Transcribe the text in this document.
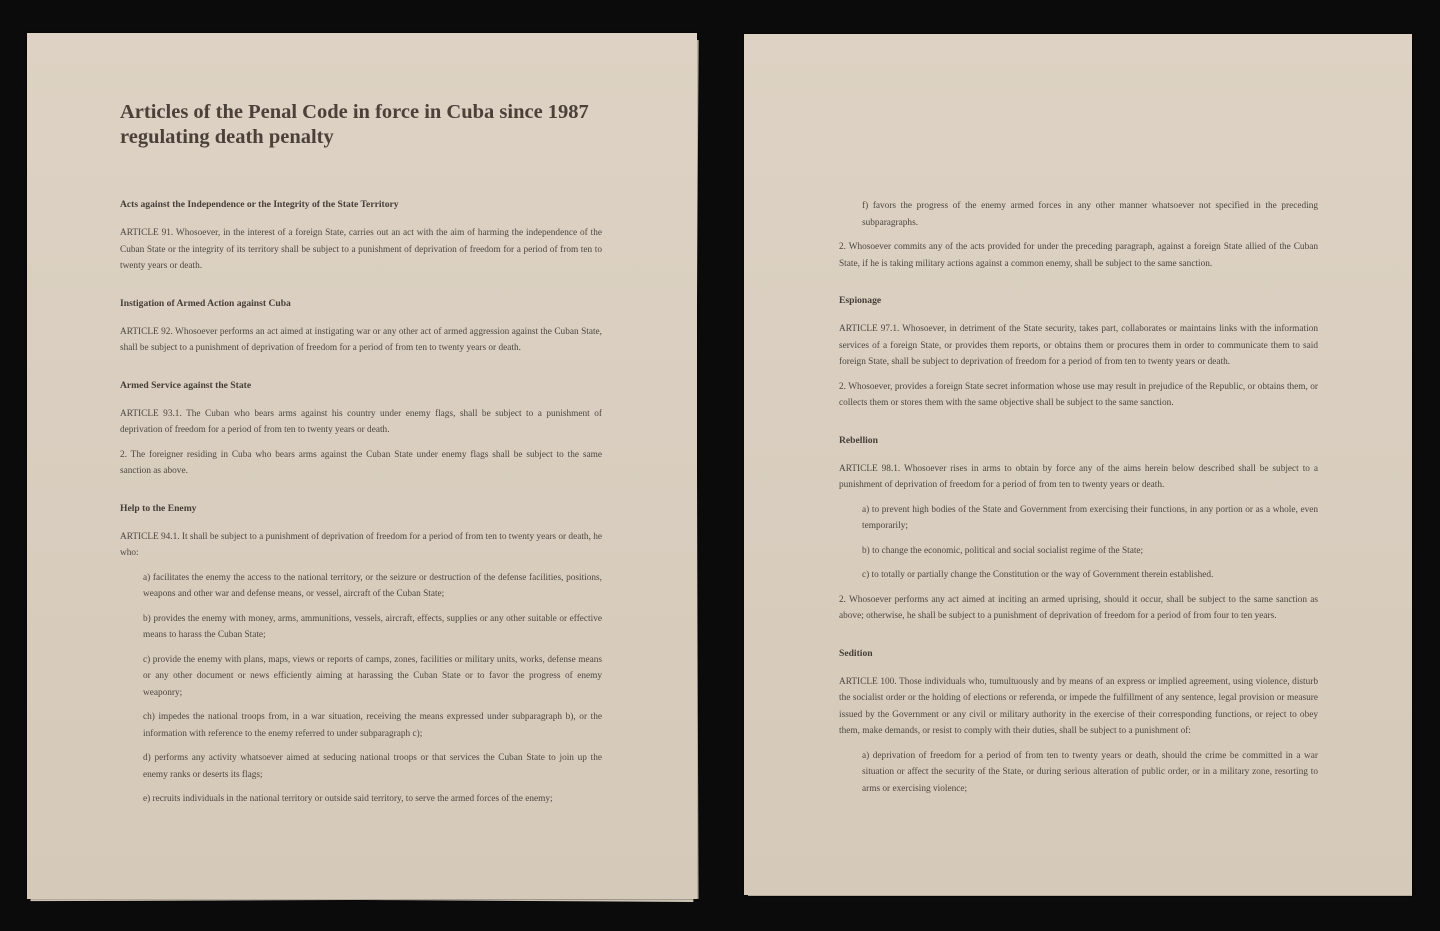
Articles of the Penal Code in force in Cuba since 1987 regulating death penalty
Acts against the Independence or the Integrity of the State Territory

ARTICLE 91. Whosoever, in the interest of a foreign State, carries out an act with the aim of harming the independence of the Cuban State or the integrity of its territory shall be subject to a punishment of deprivation of freedom for a period of from ten to twenty years or death.

Instigation of Armed Action against Cuba

ARTICLE 92. Whosoever performs an act aimed at instigating war or any other act of armed aggression against the Cuban State, shall be subject to a punishment of deprivation of freedom for a period of from ten to twenty years or death.

Armed Service against the State

ARTICLE 93.1. The Cuban who bears arms against his country under enemy flags, shall be subject to a punishment of deprivation of freedom for a period of from ten to twenty years or death.

2. The foreigner residing in Cuba who bears arms against the Cuban State under enemy flags shall be subject to the same sanction as above.

Help to the Enemy

ARTICLE 94.1. It shall be subject to a punishment of deprivation of freedom for a period of from ten to twenty years or death, he who:

a) facilitates the enemy the access to the national territory, or the seizure or destruction of the defense facilities, positions, weapons and other war and defense means, or vessel, aircraft of the Cuban State;

b) provides the enemy with money, arms, ammunitions, vessels, aircraft, effects, supplies or any other suitable or effective means to harass the Cuban State;

c) provide the enemy with plans, maps, views or reports of camps, zones, facilities or military units, works, defense means or any other document or news efficiently aiming at harassing the Cuban State or to favor the progress of enemy weaponry;

ch) impedes the national troops from, in a war situation, receiving the means expressed under subparagraph b), or the information with reference to the enemy referred to under subparagraph c);

d) performs any activity whatsoever aimed at seducing national troops or that services the Cuban State to join up the enemy ranks or deserts its flags;

e) recruits individuals in the national territory or outside said territory, to serve the armed forces of the enemy;

f) favors the progress of the enemy armed forces in any other manner whatsoever not specified in the preceding subparagraphs.

2. Whosoever commits any of the acts provided for under the preceding paragraph, against a foreign State allied of the Cuban State, if he is taking military actions against a common enemy, shall be subject to the same sanction.

Espionage

ARTICLE 97.1. Whosoever, in detriment of the State security, takes part, collaborates or maintains links with the information services of a foreign State, or provides them reports, or obtains them or procures them in order to communicate them to said foreign State, shall be subject to deprivation of freedom for a period of from ten to twenty years or death.

2. Whosoever, provides a foreign State secret information whose use may result in prejudice of the Republic, or obtains them, or collects them or stores them with the same objective shall be subject to the same sanction.

Rebellion

ARTICLE 98.1. Whosoever rises in arms to obtain by force any of the aims herein below described shall be subject to a punishment of deprivation of freedom for a period of from ten to twenty years or death.

a) to prevent high bodies of the State and Government from exercising their functions, in any portion or as a whole, even temporarily;

b) to change the economic, political and social socialist regime of the State;

c) to totally or partially change the Constitution or the way of Government therein established.

2. Whosoever performs any act aimed at inciting an armed uprising, should it occur, shall be subject to the same sanction as above; otherwise, he shall be subject to a punishment of deprivation of freedom for a period of from four to ten years.

Sedition

ARTICLE 100. Those individuals who, tumultuously and by means of an express or implied agreement, using violence, disturb the socialist order or the holding of elections or referenda, or impede the fulfillment of any sentence, legal provision or measure issued by the Government or any civil or military authority in the exercise of their corresponding functions, or reject to obey them, make demands, or resist to comply with their duties, shall be subject to a punishment of:

a) deprivation of freedom for a period of from ten to twenty years or death, should the crime be committed in a war situation or affect the security of the State, or during serious alteration of public order, or in a military zone, resorting to arms or exercising violence;
